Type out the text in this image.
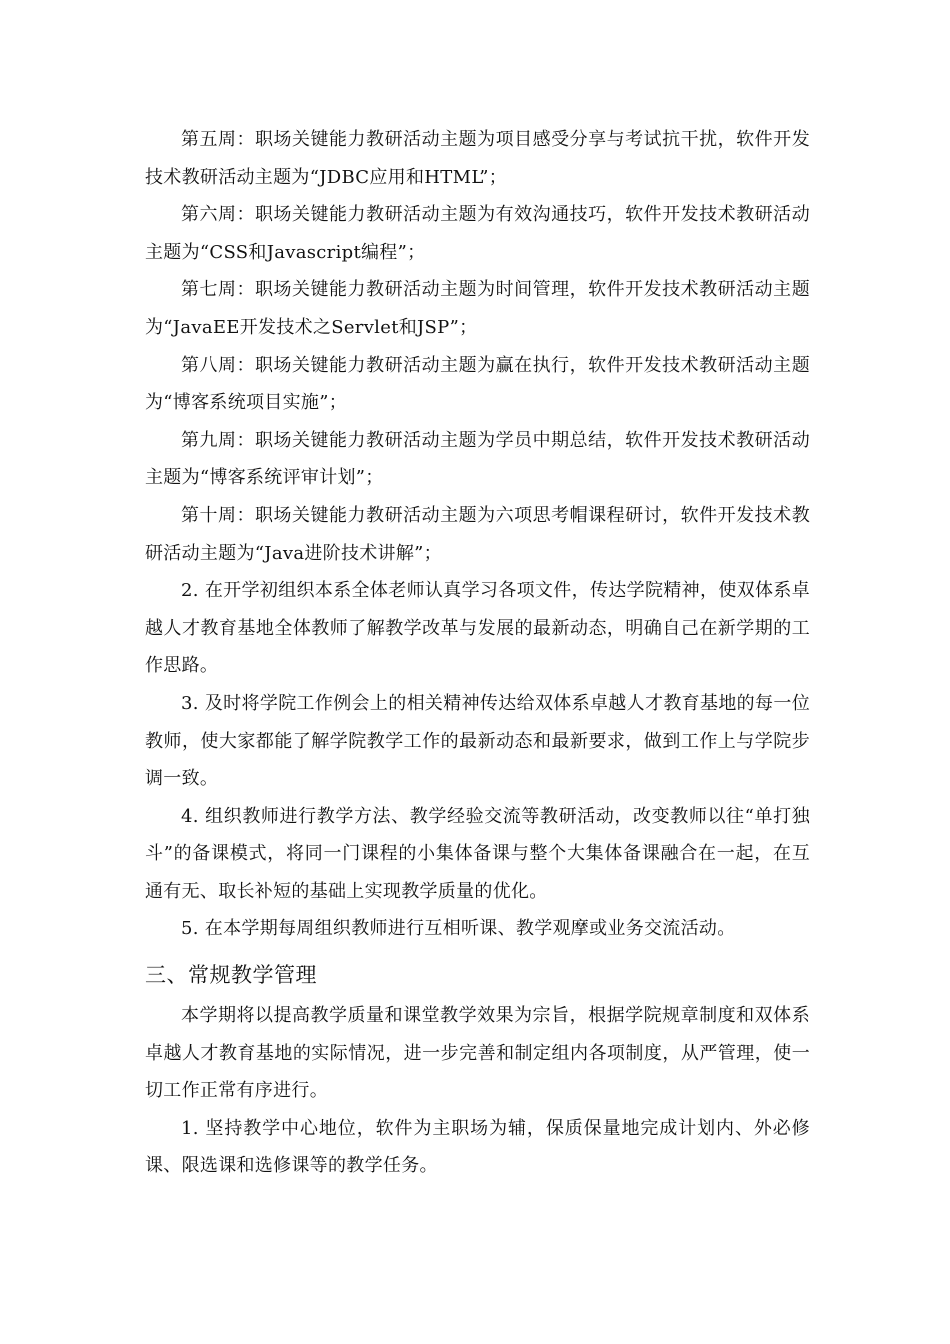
第五周：职场关键能力教研活动主题为项目感受分享与考试抗干扰，软件开发技术教研活动主题为“JDBC应用和HTML”；

第六周：职场关键能力教研活动主题为有效沟通技巧，软件开发技术教研活动主题为“CSS和Javascript编程”；

第七周：职场关键能力教研活动主题为时间管理，软件开发技术教研活动主题为“JavaEE开发技术之Servlet和JSP”；

第八周：职场关键能力教研活动主题为赢在执行，软件开发技术教研活动主题为“博客系统项目实施”；

第九周：职场关键能力教研活动主题为学员中期总结，软件开发技术教研活动主题为“博客系统评审计划”；

第十周：职场关键能力教研活动主题为六项思考帽课程研讨，软件开发技术教研活动主题为“Java进阶技术讲解”；

2. 在开学初组织本系全体老师认真学习各项文件，传达学院精神，使双体系卓越人才教育基地全体教师了解教学改革与发展的最新动态，明确自己在新学期的工作思路。

3. 及时将学院工作例会上的相关精神传达给双体系卓越人才教育基地的每一位教师，使大家都能了解学院教学工作的最新动态和最新要求，做到工作上与学院步调一致。

4. 组织教师进行教学方法、教学经验交流等教研活动，改变教师以往“单打独斗”的备课模式，将同一门课程的小集体备课与整个大集体备课融合在一起，在互通有无、取长补短的基础上实现教学质量的优化。

5. 在本学期每周组织教师进行互相听课、教学观摩或业务交流活动。

三、常规教学管理

本学期将以提高教学质量和课堂教学效果为宗旨，根据学院规章制度和双体系卓越人才教育基地的实际情况，进一步完善和制定组内各项制度，从严管理，使一切工作正常有序进行。

1. 坚持教学中心地位，软件为主职场为辅，保质保量地完成计划内、外必修课、限选课和选修课等的教学任务。
